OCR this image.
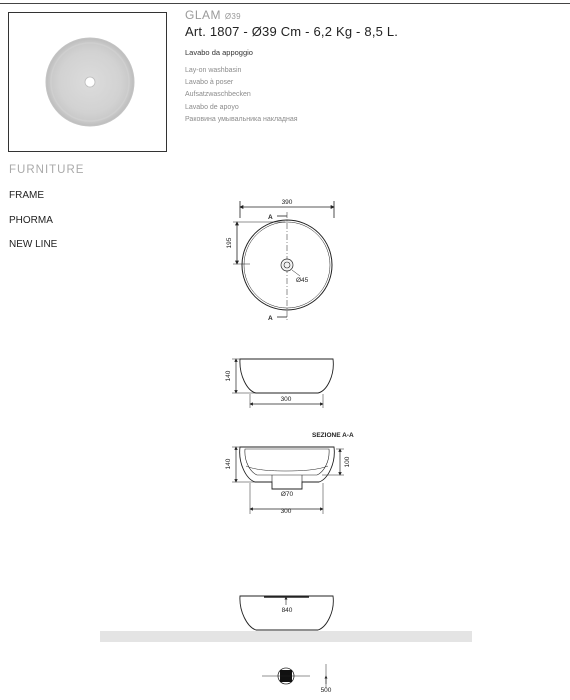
GLAM Ø39
Art. 1807 - Ø39 Cm - 6,2 Kg - 8,5 L.
Lavabo da appoggio
Lay-on washbasin
Lavabo à poser
Aufsatzwaschbecken
Lavabo de apoyo
Раковина умывальника накладная
FURNITURE
FRAME
PHORMA
NEW LINE
390
195
Ø45
A
A
140
300
SEZIONE A-A
140	100
Ø70
300
840
500
